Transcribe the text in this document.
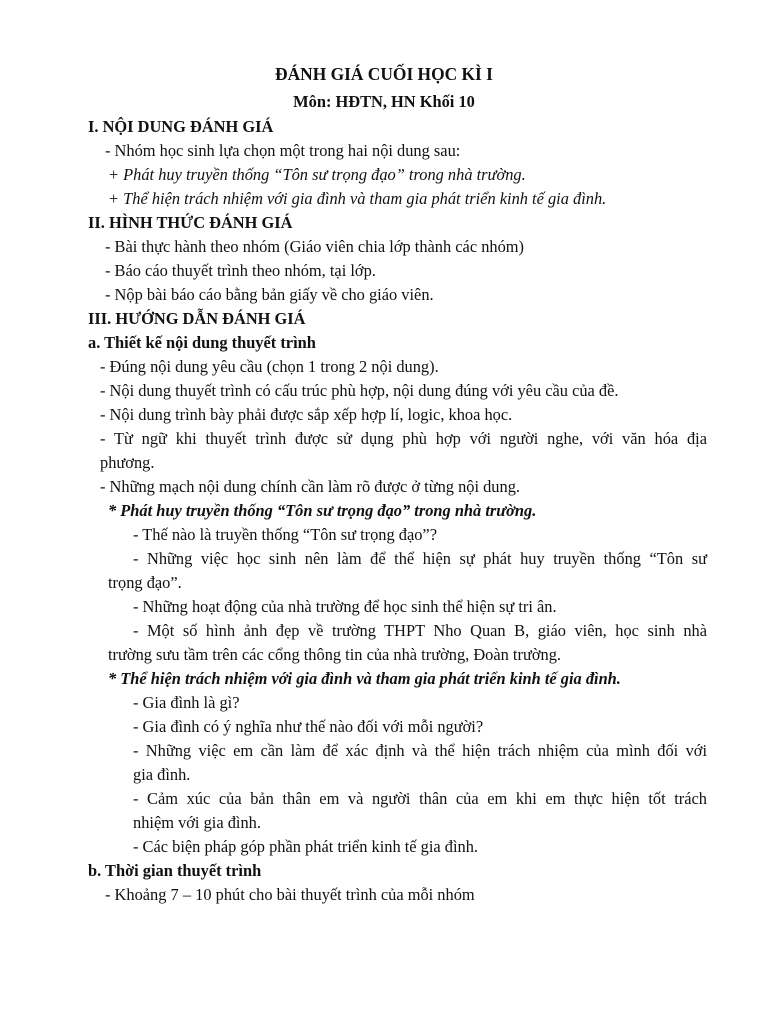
ĐÁNH GIÁ CUỐI HỌC KÌ I
Môn: HĐTN, HN Khối 10
I. NỘI DUNG ĐÁNH GIÁ
- Nhóm học sinh lựa chọn một trong hai nội dung sau:
+ Phát huy truyền thống “Tôn sư trọng đạo” trong nhà trường.
+ Thể hiện trách nhiệm với gia đình và tham gia phát triển kinh tế gia đình.
II. HÌNH THỨC ĐÁNH GIÁ
- Bài thực hành theo nhóm (Giáo viên chia lớp thành các nhóm)
- Báo cáo thuyết trình theo nhóm, tại lớp.
- Nộp bài báo cáo bằng bản giấy về cho giáo viên.
III. HƯỚNG DẪN ĐÁNH GIÁ
a. Thiết kế nội dung thuyết trình
- Đúng nội dung yêu cầu (chọn 1 trong 2 nội dung).
- Nội dung thuyết trình có cấu trúc phù hợp, nội dung đúng với yêu cầu của đề.
- Nội dung trình bày phải được sắp xếp hợp lí, logic, khoa học.
- Từ ngữ khi thuyết trình được sử dụng phù hợp với người nghe, với văn hóa địa
phương.
- Những mạch nội dung chính cần làm rõ được ở từng nội dung.
* Phát huy truyền thống “Tôn sư trọng đạo” trong nhà trường.
- Thế nào là truyền thống “Tôn sư trọng đạo”?
- Những việc học sinh nên làm để thể hiện sự phát huy truyền thống “Tôn sư
trọng đạo”.
- Những hoạt động của nhà trường để học sinh thể hiện sự tri ân.
- Một số hình ảnh đẹp về trường THPT Nho Quan B, giáo viên, học sinh nhà
trường sưu tầm trên các cổng thông tin của nhà trường, Đoàn trường.
* Thể hiện trách nhiệm với gia đình và tham gia phát triển kinh tế gia đình.
- Gia đình là gì?
- Gia đình có ý nghĩa như thế nào đối với mỗi người?
- Những việc em cần làm để xác định và thể hiện trách nhiệm của mình đối với
gia đình.
- Cảm xúc của bản thân em và người thân của em khi em thực hiện tốt trách
nhiệm với gia đình.
- Các biện pháp góp phần phát triển kinh tế gia đình.
b. Thời gian thuyết trình
- Khoảng 7 – 10 phút cho bài thuyết trình của mỗi nhóm
